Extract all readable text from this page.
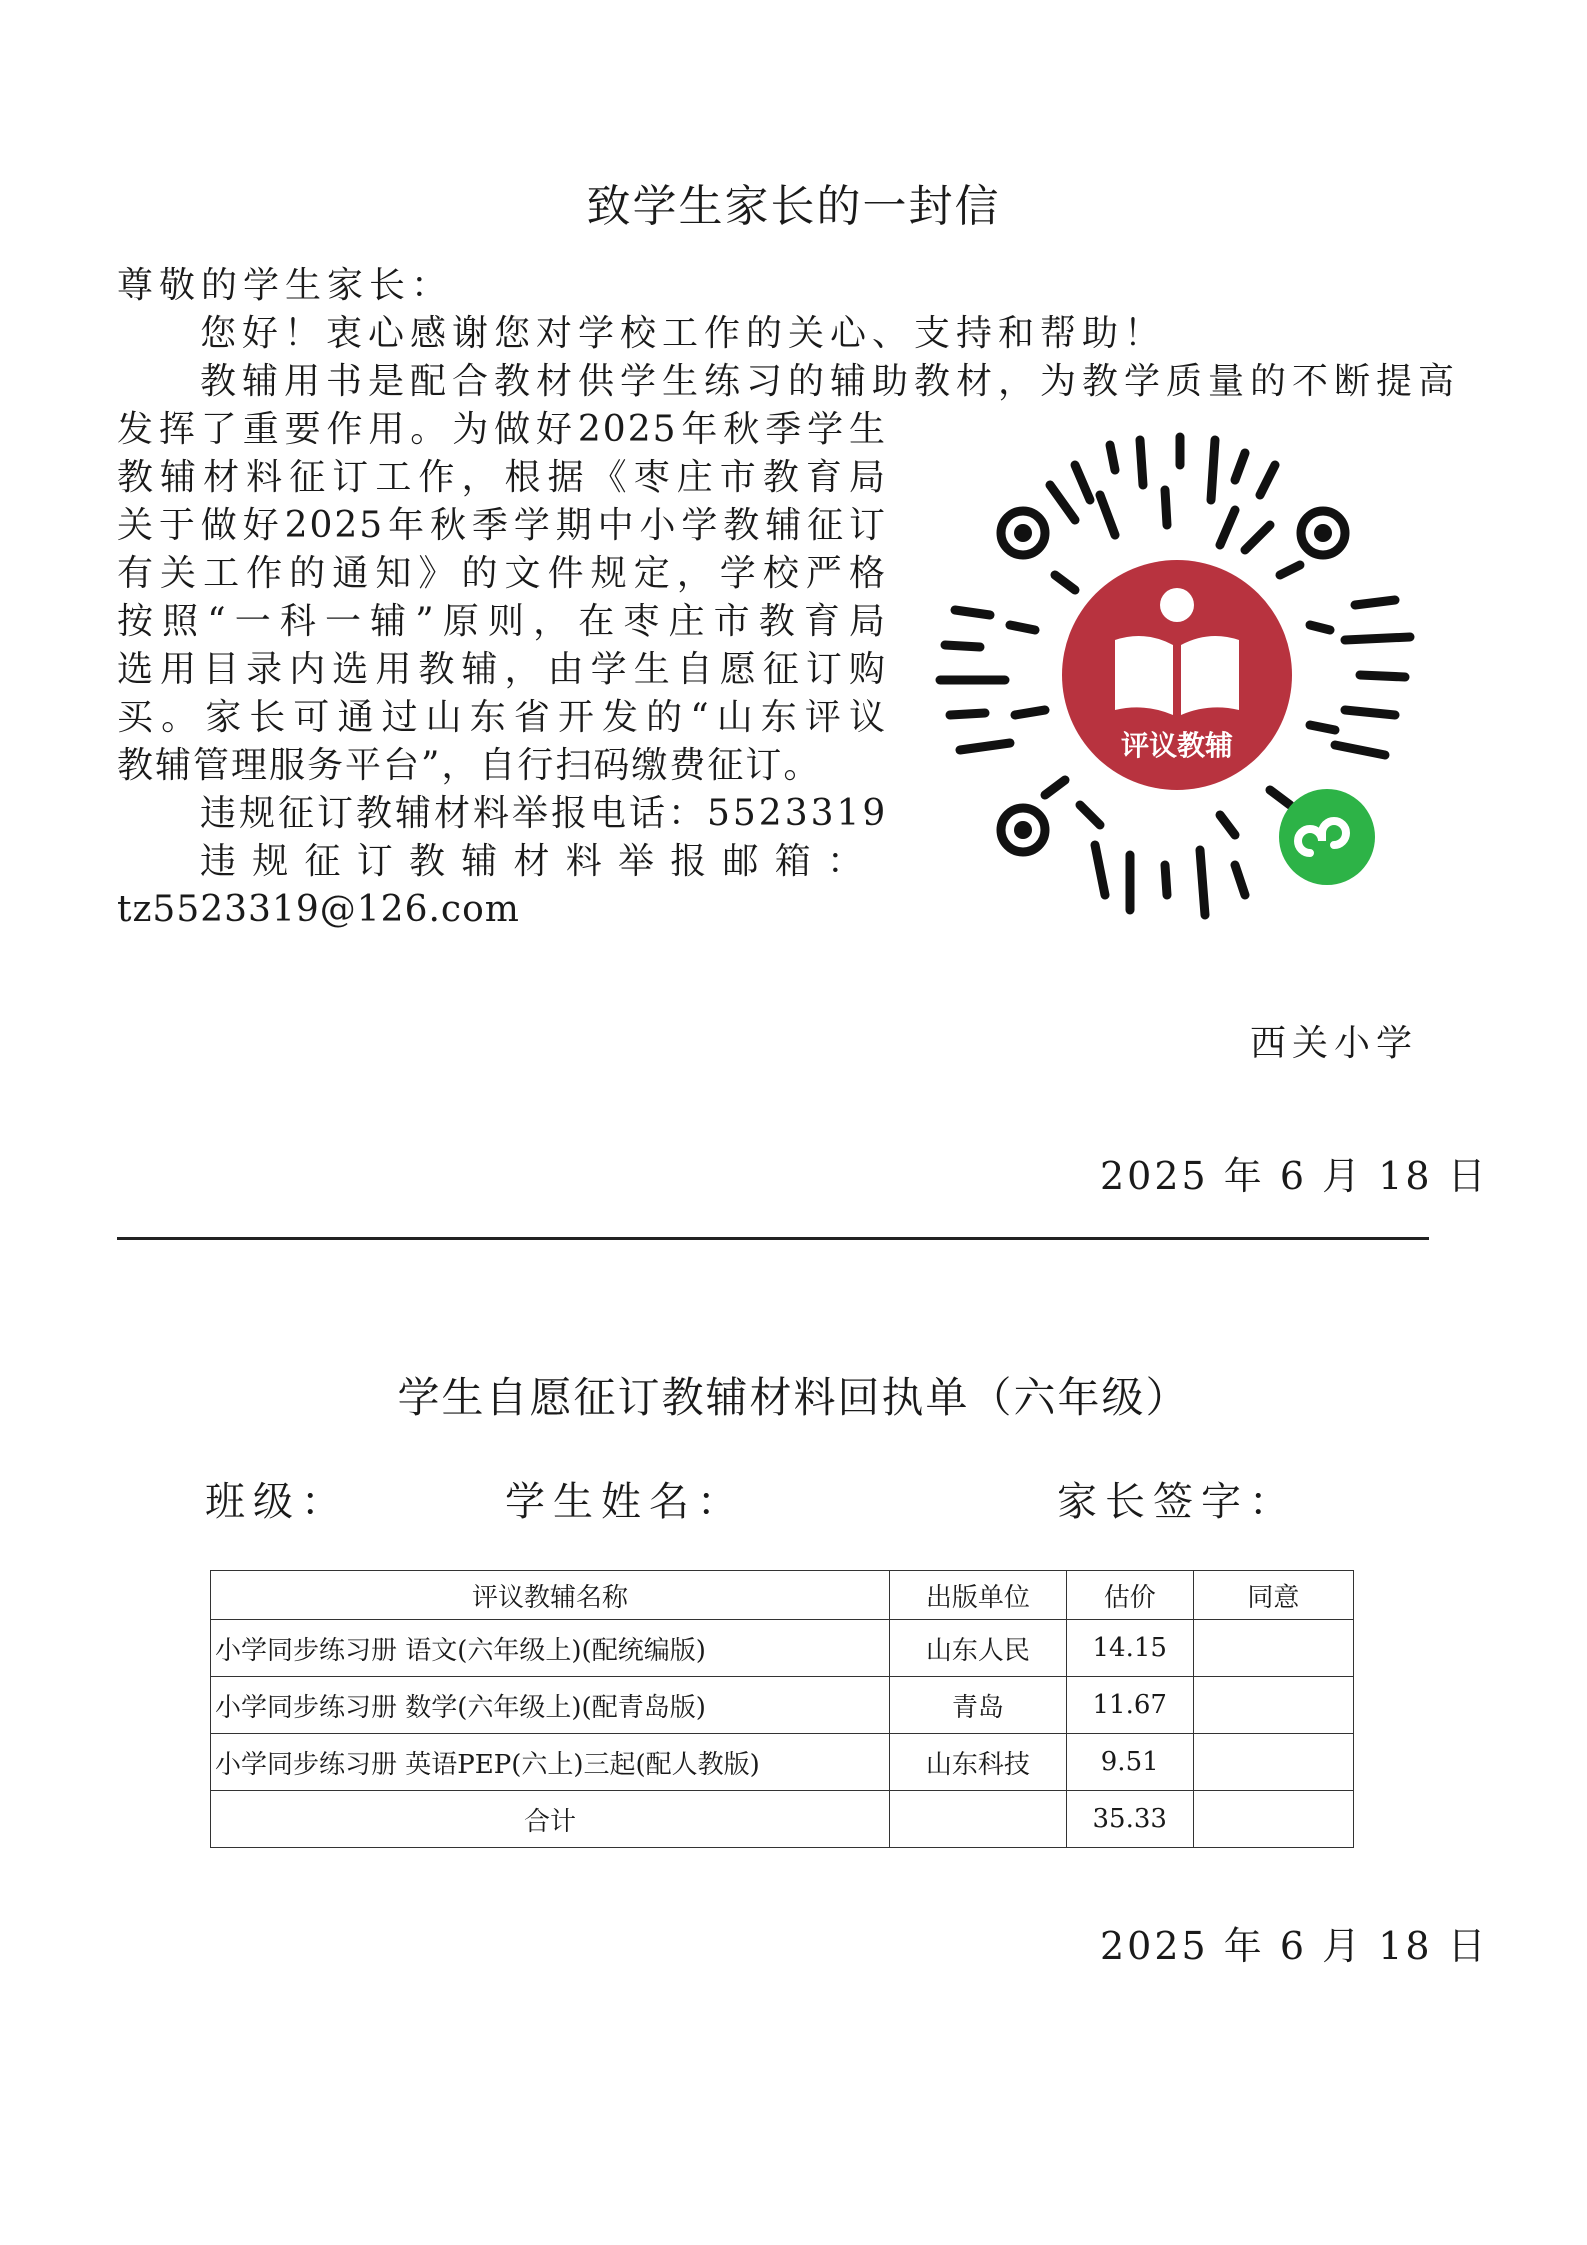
致学生家长的一封信
尊敬的学生家长：
您好！衷心感谢您对学校工作的关心、支持和帮助！
教辅用书是配合教材供学生练习的辅助教材，为教学质量的不断提高
发挥了重要作用。为做好2025年秋季学生
教辅材料征订工作，根据《枣庄市教育局
关于做好2025年秋季学期中小学教辅征订
有关工作的通知》的文件规定，学校严格
按照“一科一辅”原则，在枣庄市教育局
选用目录内选用教辅，由学生自愿征订购
买。家长可通过山东省开发的“山东评议
教辅管理服务平台”，自行扫码缴费征订。
违规征订教辅材料举报电话：5523319
违规征订教辅材料举报邮箱：
tz5523319@126.com
评议教辅
西关小学
2025 年 6 月 18 日
学生自愿征订教辅材料回执单（六年级）
班级：	学生姓名：	家长签字：
评议教辅名称	出版单位	估价	同意
小学同步练习册 语文(六年级上)(配统编版)	山东人民	14.15	
小学同步练习册 数学(六年级上)(配青岛版)	青岛	11.67	
小学同步练习册 英语PEP(六上)三起(配人教版)	山东科技	9.51	
合计		35.33	
2025 年 6 月 18 日
